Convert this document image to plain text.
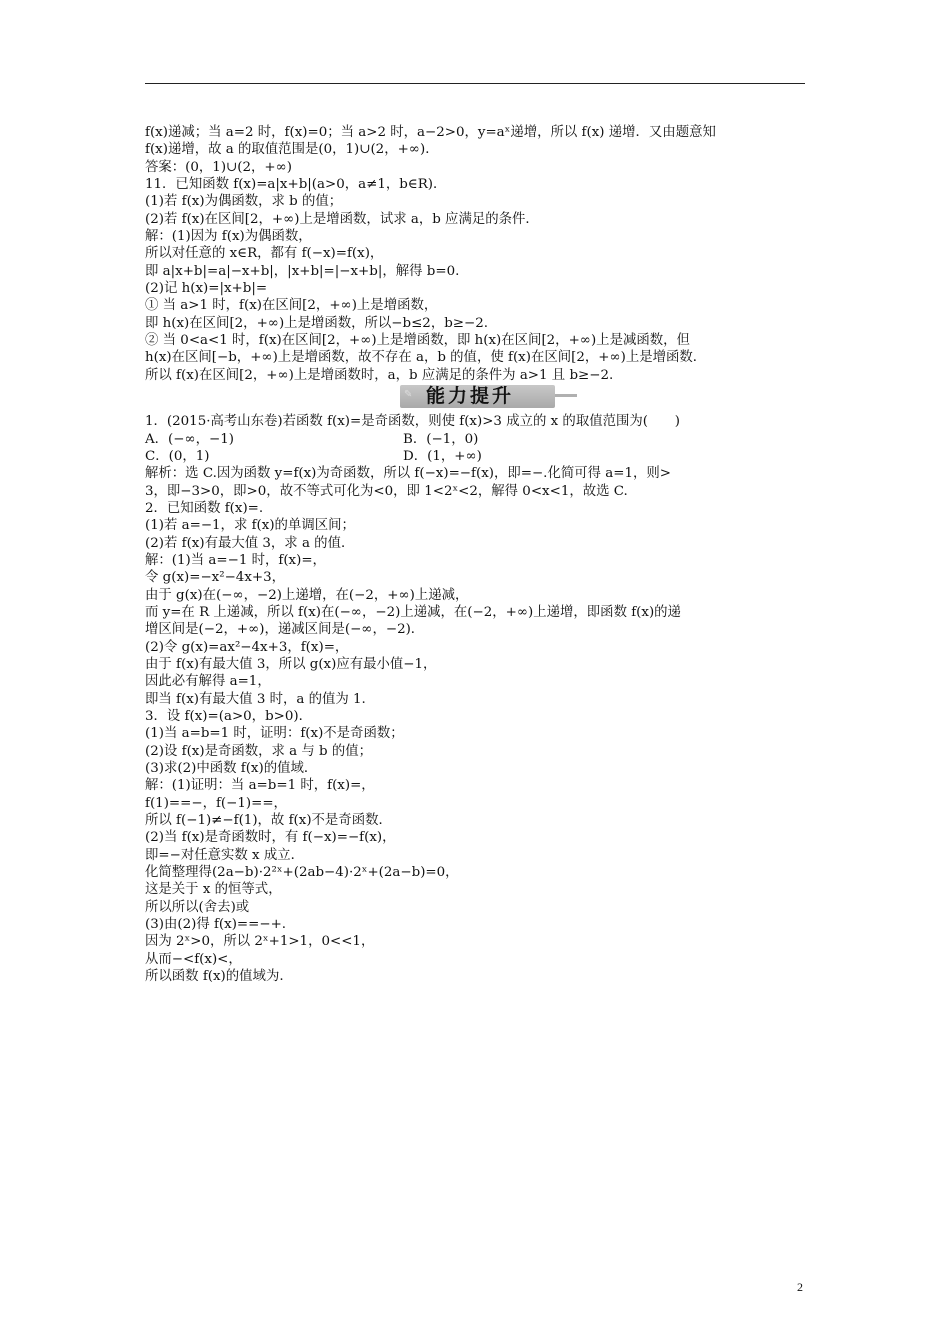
f(x)递减；当 a=2 时，f(x)=0；当 a>2 时，a−2>0，y=aˣ递增，所以 f(x) 递增．又由题意知
f(x)递增，故 a 的取值范围是(0，1)∪(2，+∞)．
答案：(0，1)∪(2，+∞)
11．已知函数 f(x)=a|x+b|(a>0，a≠1，b∈R)．
(1)若 f(x)为偶函数，求 b 的值；
(2)若 f(x)在区间[2，+∞)上是增函数，试求 a，b 应满足的条件．
解：(1)因为 f(x)为偶函数，
所以对任意的 x∈R，都有 f(−x)=f(x)，
即 a|x+b|=a|−x+b|，|x+b|=|−x+b|，解得 b=0.
(2)记 h(x)=|x+b|=
① 当 a>1 时，f(x)在区间[2，+∞)上是增函数，
即 h(x)在区间[2，+∞)上是增函数，所以−b≤2，b≥−2.
② 当 0<a<1 时，f(x)在区间[2，+∞)上是增函数，即 h(x)在区间[2，+∞)上是减函数，但
h(x)在区间[−b，+∞)上是增函数，故不存在 a，b 的值，使 f(x)在区间[2，+∞)上是增函数．
所以 f(x)在区间[2，+∞)上是增函数时，a，b 应满足的条件为 a>1 且 b≥−2.
✎ 能力提升
1．(2015·高考山东卷)若函数 f(x)=是奇函数，则使 f(x)>3 成立的 x 的取值范围为(　　)
A．(−∞，−1)	B．(−1，0)
C．(0，1)	D．(1，+∞)
解析：选 C.因为函数 y=f(x)为奇函数，所以 f(−x)=−f(x)，即=−.化简可得 a=1，则>
3，即−3>0，即>0，故不等式可化为<0，即 1<2ˣ<2，解得 0<x<1，故选 C.
2．已知函数 f(x)=.
(1)若 a=−1，求 f(x)的单调区间；
(2)若 f(x)有最大值 3，求 a 的值．
解：(1)当 a=−1 时，f(x)=，
令 g(x)=−x²−4x+3，
由于 g(x)在(−∞，−2)上递增，在(−2，+∞)上递减，
而 y=在 R 上递减，所以 f(x)在(−∞，−2)上递减，在(−2，+∞)上递增，即函数 f(x)的递
增区间是(−2，+∞)，递减区间是(−∞，−2)．
(2)令 g(x)=ax²−4x+3，f(x)=，
由于 f(x)有最大值 3，所以 g(x)应有最小值−1，
因此必有解得 a=1，
即当 f(x)有最大值 3 时，a 的值为 1.
3．设 f(x)=(a>0，b>0)．
(1)当 a=b=1 时，证明：f(x)不是奇函数；
(2)设 f(x)是奇函数，求 a 与 b 的值；
(3)求(2)中函数 f(x)的值域．
解：(1)证明：当 a=b=1 时，f(x)=，
f(1)==−，f(−1)==，
所以 f(−1)≠−f(1)，故 f(x)不是奇函数．
(2)当 f(x)是奇函数时，有 f(−x)=−f(x)，
即=−对任意实数 x 成立．
化简整理得(2a−b)·2²ˣ+(2ab−4)·2ˣ+(2a−b)=0，
这是关于 x 的恒等式，
所以所以(舍去)或
(3)由(2)得 f(x)==−+.
因为 2ˣ>0，所以 2ˣ+1>1，0<<1，
从而−<f(x)<，
所以函数 f(x)的值域为.
2
